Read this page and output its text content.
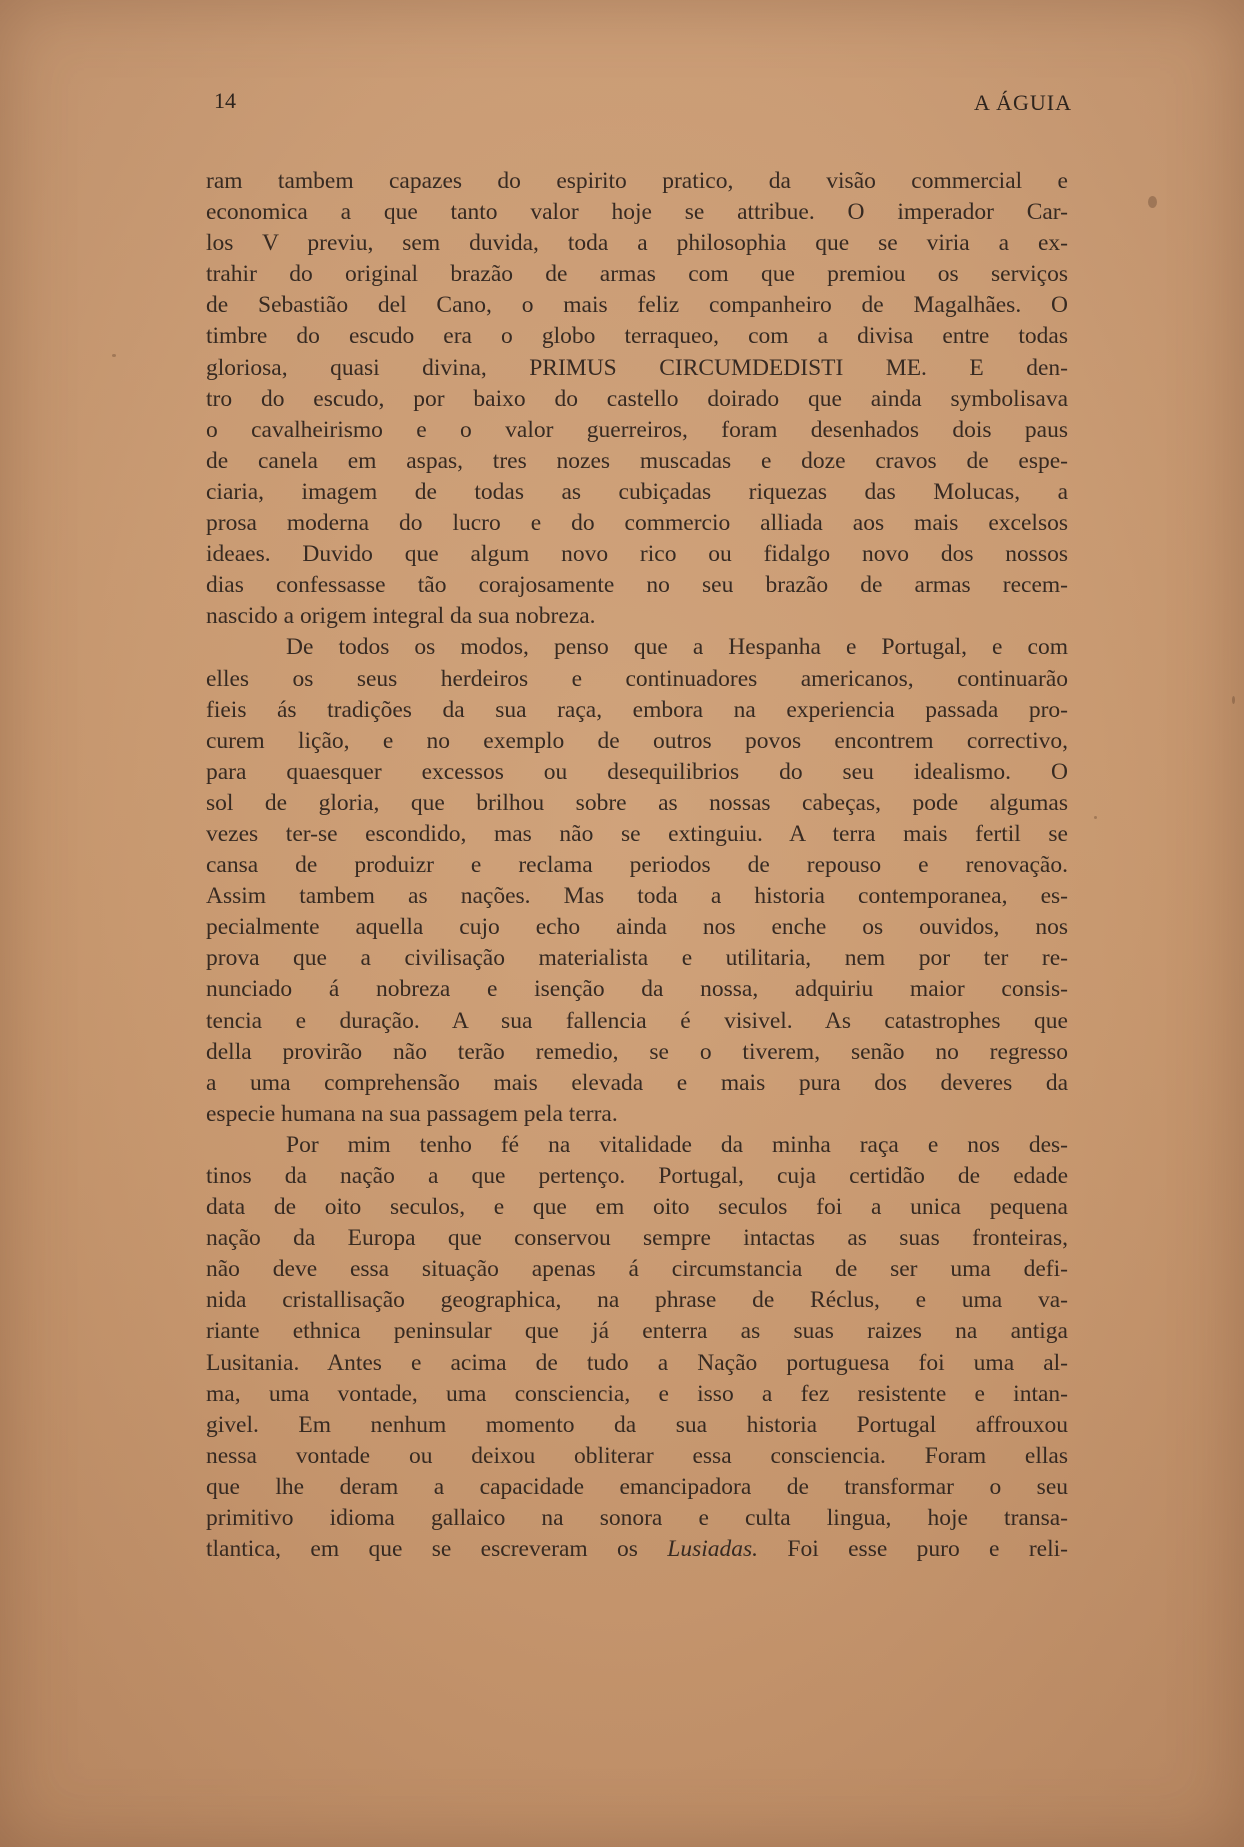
14	A ÁGUIA
ram tambem capazes do espirito pratico, da visão commercial e
economica a que tanto valor hoje se attribue. O imperador Car-
los V previu, sem duvida, toda a philosophia que se viria a ex-
trahir do original brazão de armas com que premiou os serviços
de Sebastião del Cano, o mais feliz companheiro de Magalhães. O
timbre do escudo era o globo terraqueo, com a divisa entre todas
gloriosa, quasi divina, PRIMUS CIRCUMDEDISTI ME. E den-
tro do escudo, por baixo do castello doirado que ainda symbolisava
o cavalheirismo e o valor guerreiros, foram desenhados dois paus
de canela em aspas, tres nozes muscadas e doze cravos de espe-
ciaria, imagem de todas as cubiçadas riquezas das Molucas, a
prosa moderna do lucro e do commercio alliada aos mais excelsos
ideaes. Duvido que algum novo rico ou fidalgo novo dos nossos
dias confessasse tão corajosamente no seu brazão de armas recem-
nascido a origem integral da sua nobreza.
De todos os modos, penso que a Hespanha e Portugal, e com
elles os seus herdeiros e continuadores americanos, continuarão
fieis ás tradições da sua raça, embora na experiencia passada pro-
curem lição, e no exemplo de outros povos encontrem correctivo,
para quaesquer excessos ou desequilibrios do seu idealismo. O
sol de gloria, que brilhou sobre as nossas cabeças, pode algumas
vezes ter-se escondido, mas não se extinguiu. A terra mais fertil se
cansa de produizr e reclama periodos de repouso e renovação.
Assim tambem as nações. Mas toda a historia contemporanea, es-
pecialmente aquella cujo echo ainda nos enche os ouvidos, nos
prova que a civilisação materialista e utilitaria, nem por ter re-
nunciado á nobreza e isenção da nossa, adquiriu maior consis-
tencia e duração. A sua fallencia é visivel. As catastrophes que
della provirão não terão remedio, se o tiverem, senão no regresso
a uma comprehensão mais elevada e mais pura dos deveres da
especie humana na sua passagem pela terra.
Por mim tenho fé na vitalidade da minha raça e nos des-
tinos da nação a que pertenço. Portugal, cuja certidão de edade
data de oito seculos, e que em oito seculos foi a unica pequena
nação da Europa que conservou sempre intactas as suas fronteiras,
não deve essa situação apenas á circumstancia de ser uma defi-
nida cristallisação geographica, na phrase de Réclus, e uma va-
riante ethnica peninsular que já enterra as suas raizes na antiga
Lusitania. Antes e acima de tudo a Nação portuguesa foi uma al-
ma, uma vontade, uma consciencia, e isso a fez resistente e intan-
givel. Em nenhum momento da sua historia Portugal affrouxou
nessa vontade ou deixou obliterar essa consciencia. Foram ellas
que lhe deram a capacidade emancipadora de transformar o seu
primitivo idioma gallaico na sonora e culta lingua, hoje transa-
tlantica, em que se escreveram os Lusiadas. Foi esse puro e reli-
